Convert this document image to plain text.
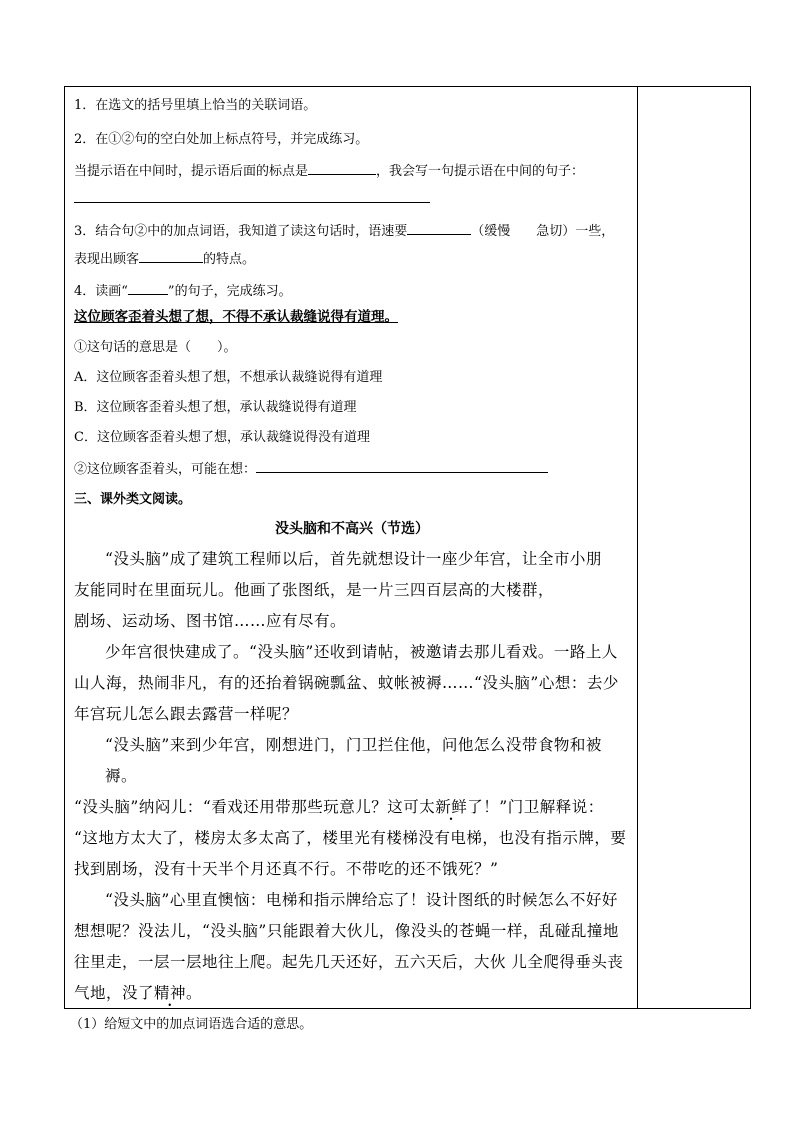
1．在选文的括号里填上恰当的关联词语。
2．在①②句的空白处加上标点符号，并完成练习。
当提示语在中间时，提示语后面的标点是	，我会写一句提示语在中间的句子：
3．结合句②中的加点词语，我知道了读这句话时，语速要	（缓慢　　急切）一些，
表现出顾客	的特点。
4．读画“	”的句子，完成练习。
这位顾客歪着头想了想，不得不承认裁缝说得有道理。
①这句话的意思是（　　）。
A．这位顾客歪着头想了想，不想承认裁缝说得有道理
B．这位顾客歪着头想了想，承认裁缝说得有道理
C．这位顾客歪着头想了想，承认裁缝说得没有道理
②这位顾客歪着头，可能在想：
三、课外类文阅读。
没头脑和不高兴（节选）

“没头脑”成了建筑工程师以后，首先就想设计一座少年宫，让全市小朋

友能同时在里面玩儿。他画了张图纸，是一片三四百层高的大楼群，

剧场、运动场、图书馆……应有尽有。

少年宫很快建成了。“没头脑”还收到请帖，被邀请去那儿看戏。一路上人

山人海，热闹非凡，有的还抬着锅碗瓢盆、蚊帐被褥……“没头脑”心想：去少

年宫玩儿怎么跟去露营一样呢？

“没头脑”来到少年宫，刚想进门，门卫拦住他，问他怎么没带食物和被褥。

“没头脑”纳闷儿：“看戏还用带那些玩意儿？这可太新鲜了！”门卫解释说：

“这地方太大了，楼房太多太高了，楼里光有楼梯没有电梯，也没有指示牌，要

找到剧场，没有十天半个月还真不行。不带吃的还不饿死？”

“没头脑”心里直懊恼：电梯和指示牌给忘了！设计图纸的时候怎么不好好

想想呢？没法儿，“没头脑”只能跟着大伙儿，像没头的苍蝇一样，乱碰乱撞地

往里走，一层一层地往上爬。起先几天还好，五六天后，大伙 儿全爬得垂头丧

气地，没了精神。

（1）给短文中的加点词语选合适的意思。
